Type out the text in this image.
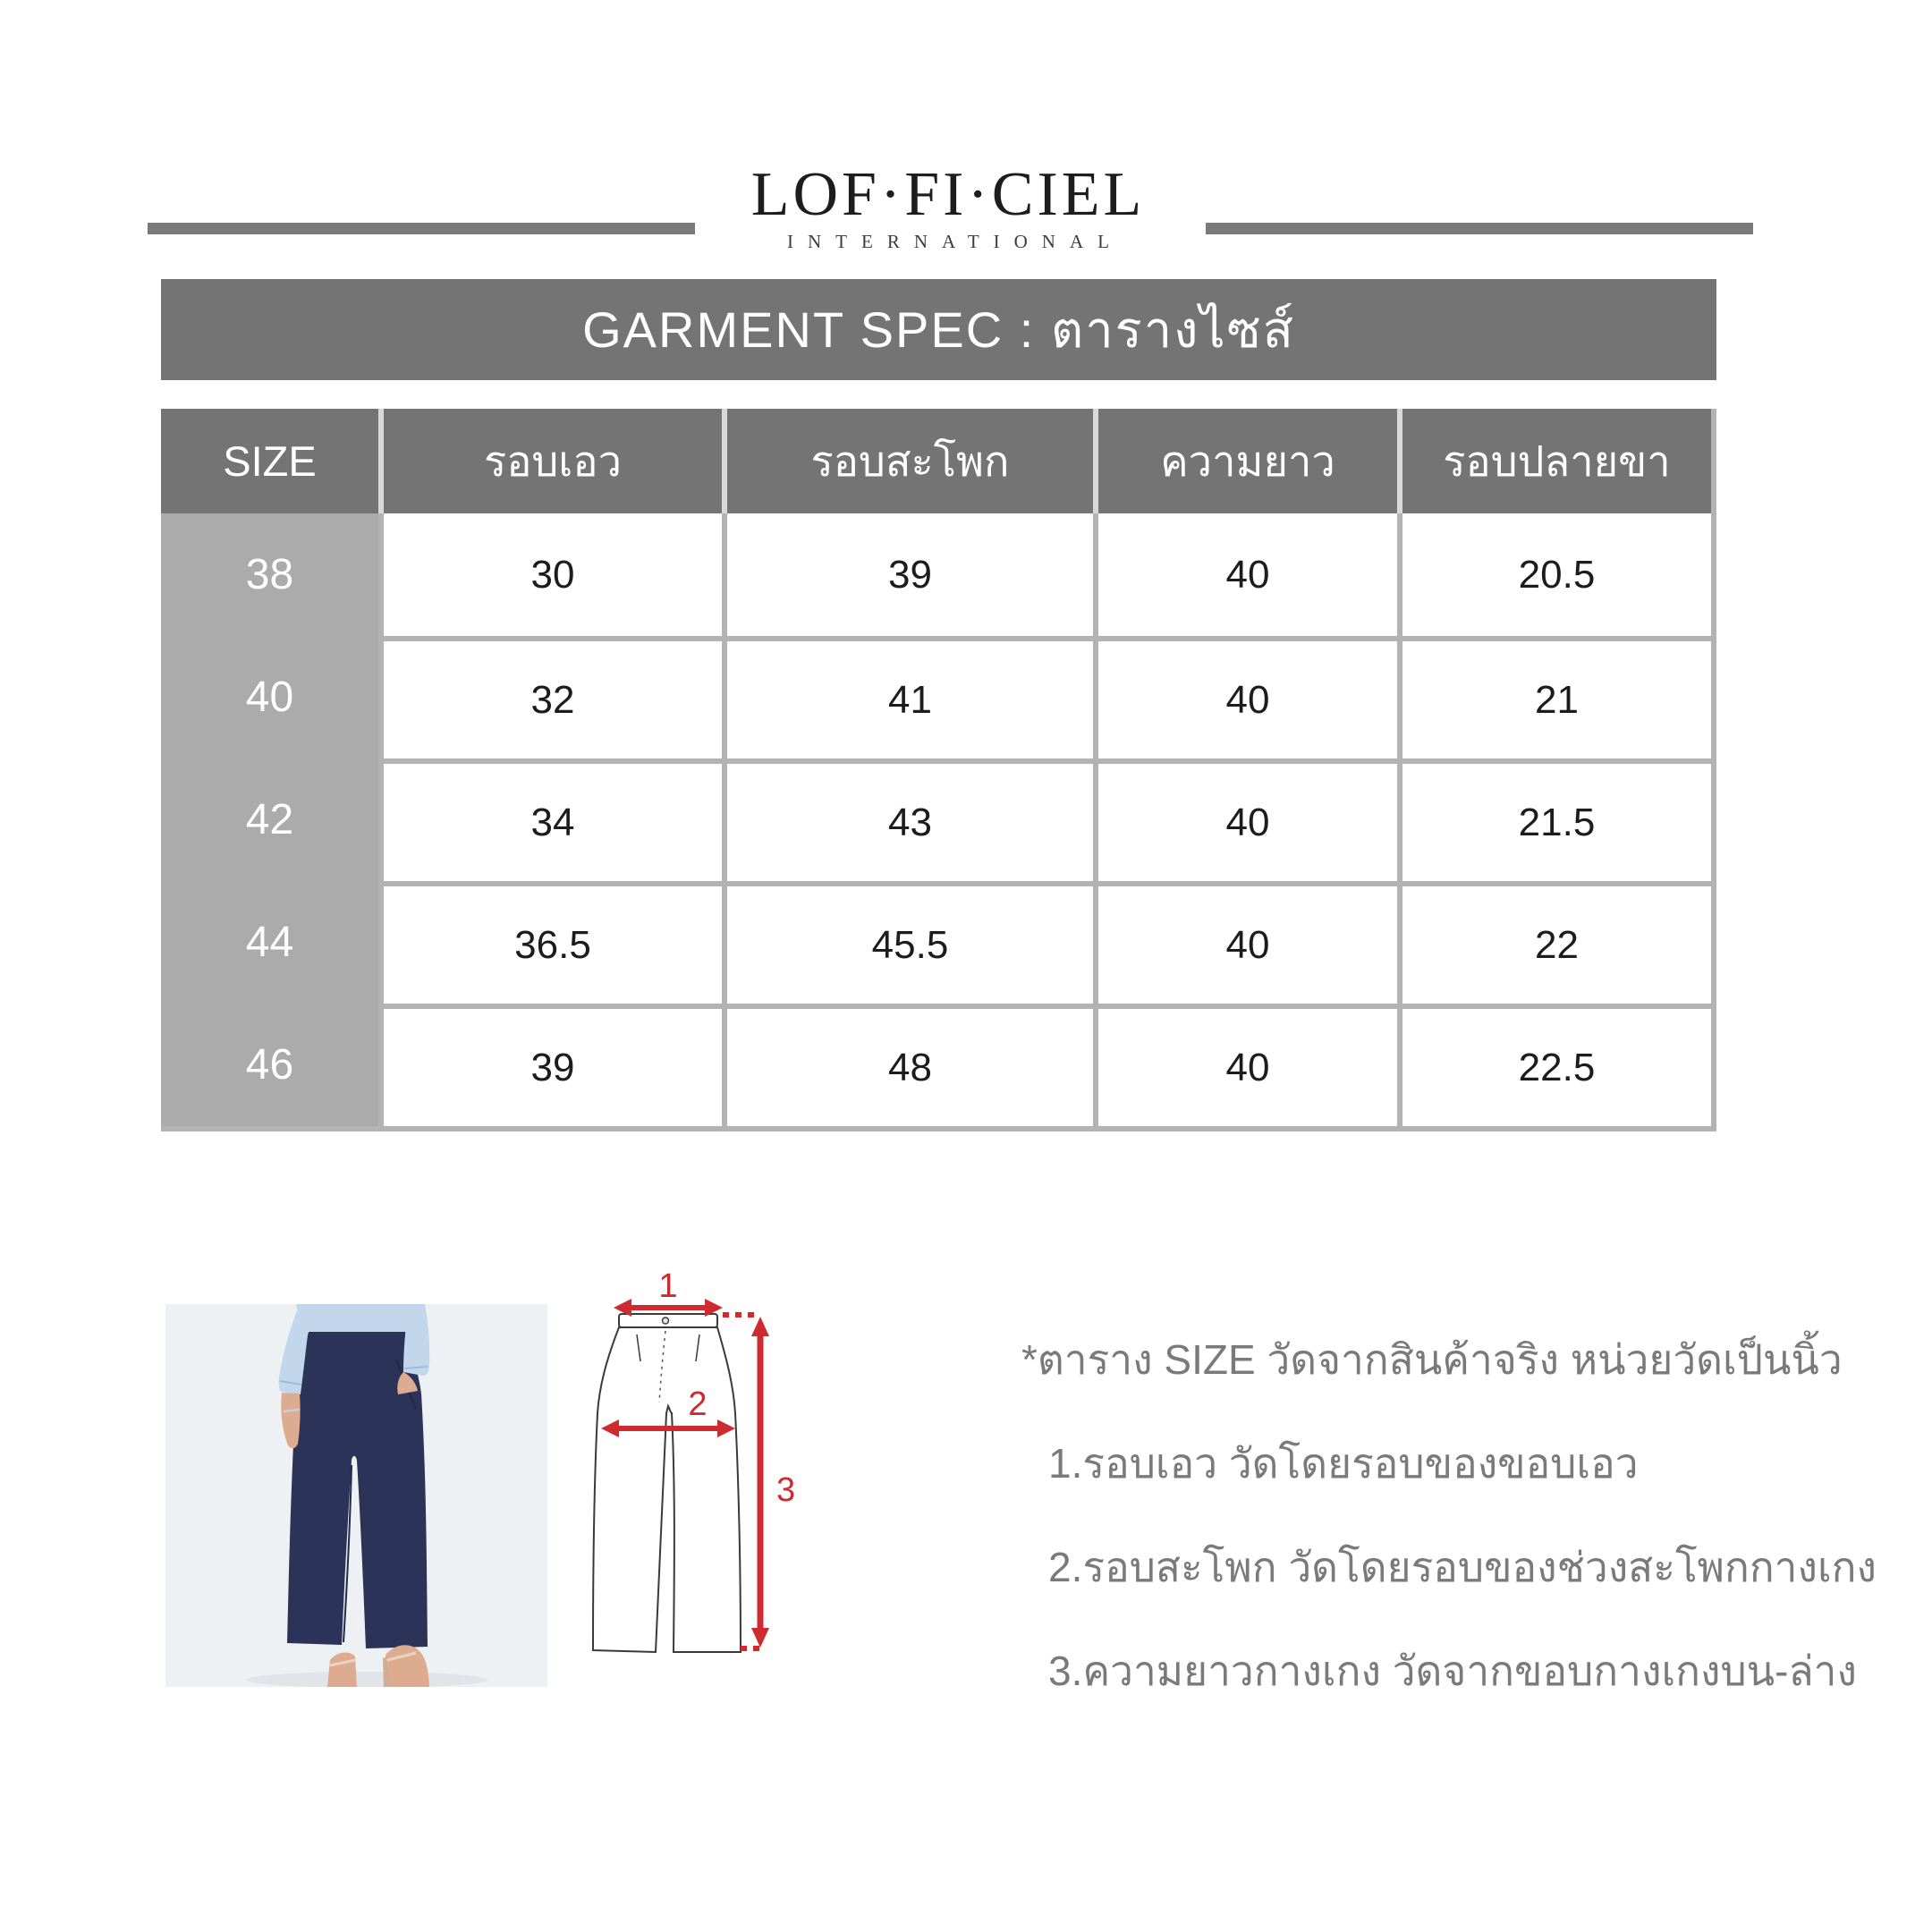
LOF·FI·CIEL
INTERNATIONAL
GARMENT SPEC : ตารางไซส์
SIZE	รอบเอว	รอบสะโพก	ความยาว	รอบปลายขา
38	30	39	40	20.5
40	32	41	40	21
42	34	43	40	21.5
44	36.5	45.5	40	22
46	39	48	40	22.5
1
2
3
*ตาราง SIZE วัดจากสินค้าจริง หน่วยวัดเป็นนิ้ว
1.รอบเอว วัดโดยรอบของขอบเอว
2.รอบสะโพก วัดโดยรอบของช่วงสะโพกกางเกง
3.ความยาวกางเกง วัดจากขอบกางเกงบน-ล่าง
